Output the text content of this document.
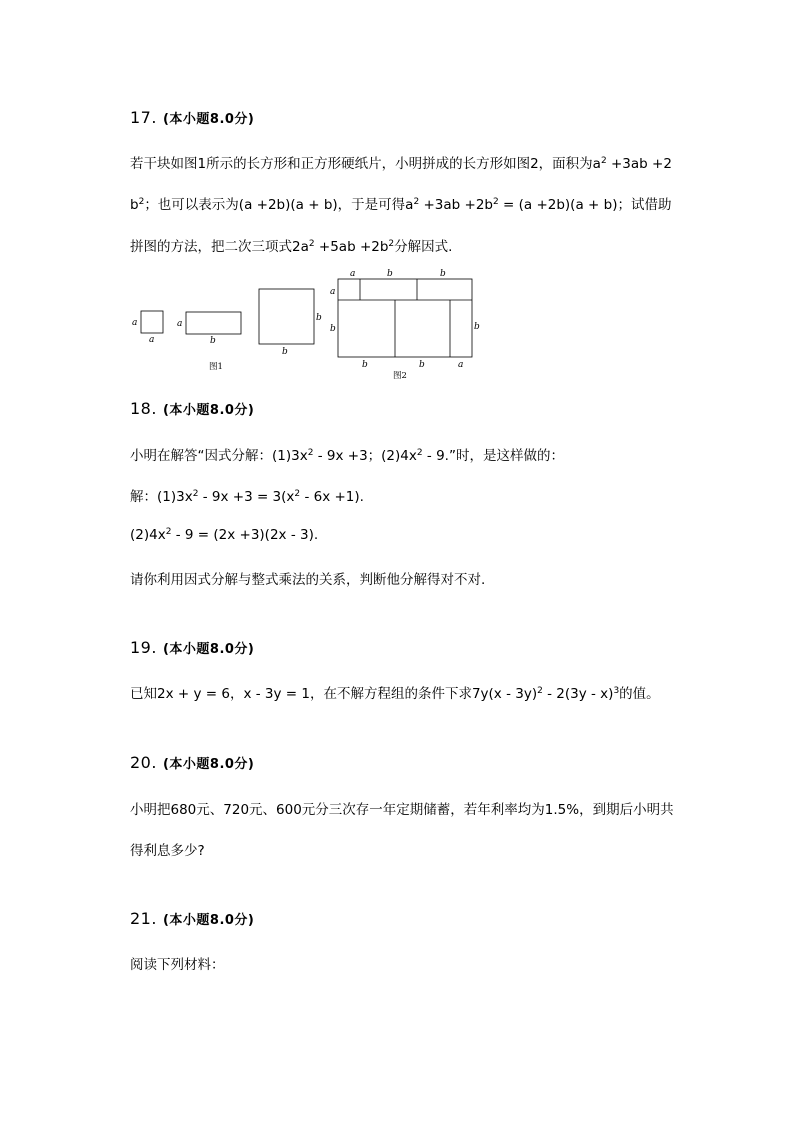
17. (本小题8.0分)
若干块如图1所示的长方形和正方形硬纸片，小明拼成的长方形如图2，面积为$a^2 +3ab +2$
$b^2$；也可以表示为(a +2b)(a + b)，于是可得$a^2 +3ab +2b^2 = (a +2b)(a + b)$；试借助
拼图的方法，把二次三项式$2a^2 +5ab +2b^2$分解因式.
a
a
a
b
b
b
图1
a	b	b
a
b	b
b	b	a
图2
18. (本小题8.0分)
小明在解答“因式分解：$(1)3x^2 - 9x +3$；$(2)4x^2 - 9$.”时，是这样做的：
解：$(1)3x^2 - 9x +3 = 3(x^2 - 6x +1)$.
$(2)4x^2 - 9 = (2x +3)(2x - 3)$.
请你利用因式分解与整式乘法的关系，判断他分解得对不对.
19. (本小题8.0分)
已知2x + y = 6，x - 3y = 1，在不解方程组的条件下求7y(x - 3y)$^2$ - 2(3y - x)$^3$的值。
20. (本小题8.0分)
小明把680元、720元、600元分三次存一年定期储蓄，若年利率均为1.5%，到期后小明共
得利息多少?
21. (本小题8.0分)
阅读下列材料：
